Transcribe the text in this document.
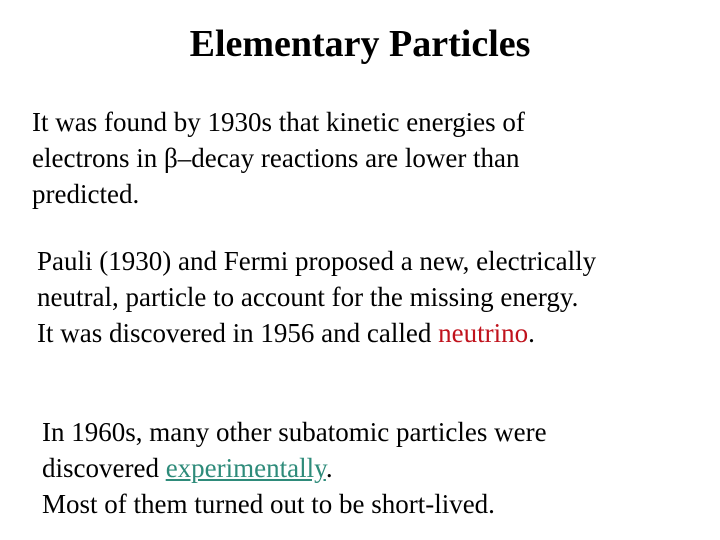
Elementary Particles
It was found by 1930s that kinetic energies of
electrons in β–decay reactions are lower than
predicted.
Pauli (1930) and Fermi proposed a new, electrically
neutral, particle to account for the missing energy.
It was discovered in 1956 and called neutrino.
In 1960s, many other subatomic particles were
discovered experimentally.
Most of them turned out to be short-lived.
